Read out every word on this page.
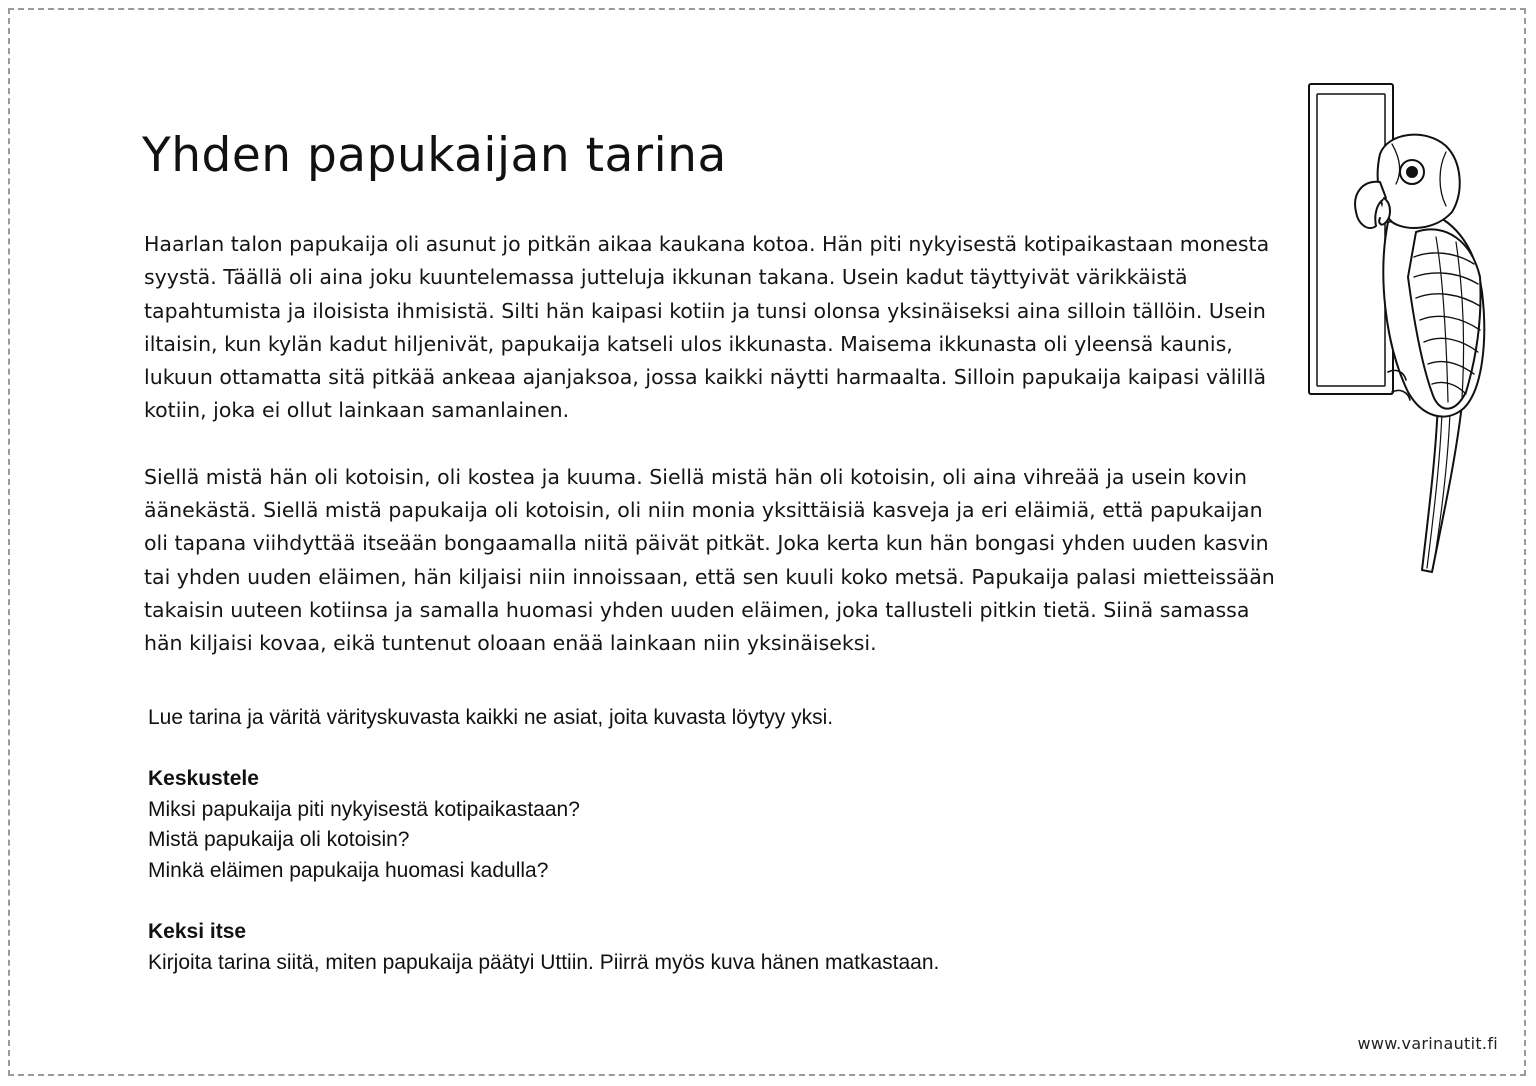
Yhden papukaijan tarina

Haarlan talon papukaija oli asunut jo pitkän aikaa kaukana kotoa. Hän piti nykyisestä kotipaikastaan monesta syystä. Täällä oli aina joku kuuntelemassa jutteluja ikkunan takana. Usein kadut täyttyivät värikkäistä tapahtumista ja iloisista ihmisistä. Silti hän kaipasi kotiin ja tunsi olonsa yksinäiseksi aina silloin tällöin. Usein iltaisin, kun kylän kadut hiljenivät, papukaija katseli ulos ikkunasta. Maisema ikkunasta oli yleensä kaunis, lukuun ottamatta sitä pitkää ankeaa ajanjaksoa, jossa kaikki näytti harmaalta. Silloin papukaija kaipasi välillä kotiin, joka ei ollut lainkaan samanlainen.

Siellä mistä hän oli kotoisin, oli kostea ja kuuma. Siellä mistä hän oli kotoisin, oli aina vihreää ja usein kovin äänekästä. Siellä mistä papukaija oli kotoisin, oli niin monia yksittäisiä kasveja ja eri eläimiä, että papukaijan oli tapana viihdyttää itseään bongaamalla niitä päivät pitkät. Joka kerta kun hän bongasi yhden uuden kasvin tai yhden uuden eläimen, hän kiljaisi niin innoissaan, että sen kuuli koko metsä. Papukaija palasi mietteissään takaisin uuteen kotiinsa ja samalla huomasi yhden uuden eläimen, joka tallusteli pitkin tietä. Siinä samassa hän kiljaisi kovaa, eikä tuntenut oloaan enää lainkaan niin yksinäiseksi.

Lue tarina ja väritä värityskuvasta kaikki ne asiat, joita kuvasta löytyy yksi.
Keskustele
Miksi papukaija piti nykyisestä kotipaikastaan?
Mistä papukaija oli kotoisin?
Minkä eläimen papukaija huomasi kadulla?
Keksi itse
Kirjoita tarina siitä, miten papukaija päätyi Uttiin. Piirrä myös kuva hänen matkastaan.
www.varinautit.fi
